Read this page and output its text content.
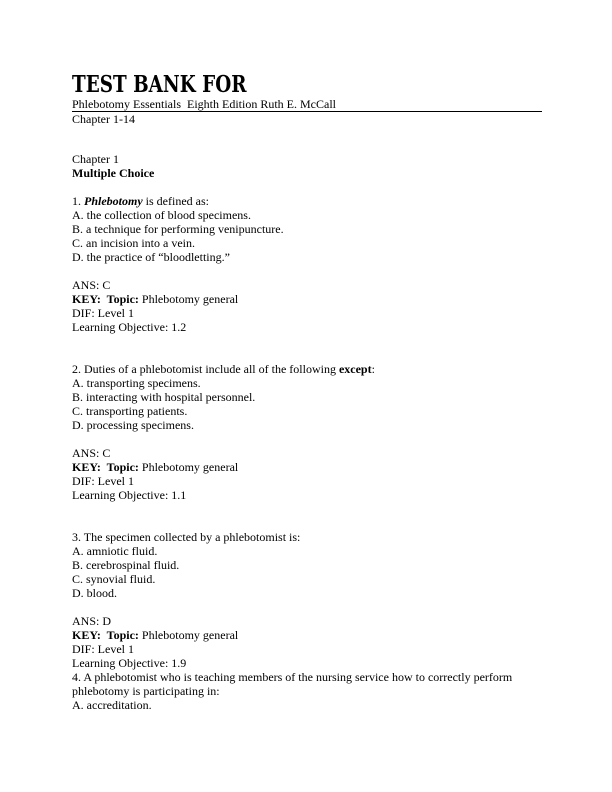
TEST BANK FOR
Phlebotomy Essentials  Eighth Edition Ruth E. McCall
Chapter 1-14
Chapter 1
Multiple Choice
1. Phlebotomy is defined as:
A. the collection of blood specimens.
B. a technique for performing venipuncture.
C. an incision into a vein.
D. the practice of “bloodletting.”
ANS: C
KEY:  Topic: Phlebotomy general
DIF: Level 1
Learning Objective: 1.2
2. Duties of a phlebotomist include all of the following except:
A. transporting specimens.
B. interacting with hospital personnel.
C. transporting patients.
D. processing specimens.
ANS: C
KEY:  Topic: Phlebotomy general
DIF: Level 1
Learning Objective: 1.1
3. The specimen collected by a phlebotomist is:
A. amniotic fluid.
B. cerebrospinal fluid.
C. synovial fluid.
D. blood.
ANS: D
KEY:  Topic: Phlebotomy general
DIF: Level 1
Learning Objective: 1.9
4. A phlebotomist who is teaching members of the nursing service how to correctly perform phlebotomy is participating in:
A. accreditation.
